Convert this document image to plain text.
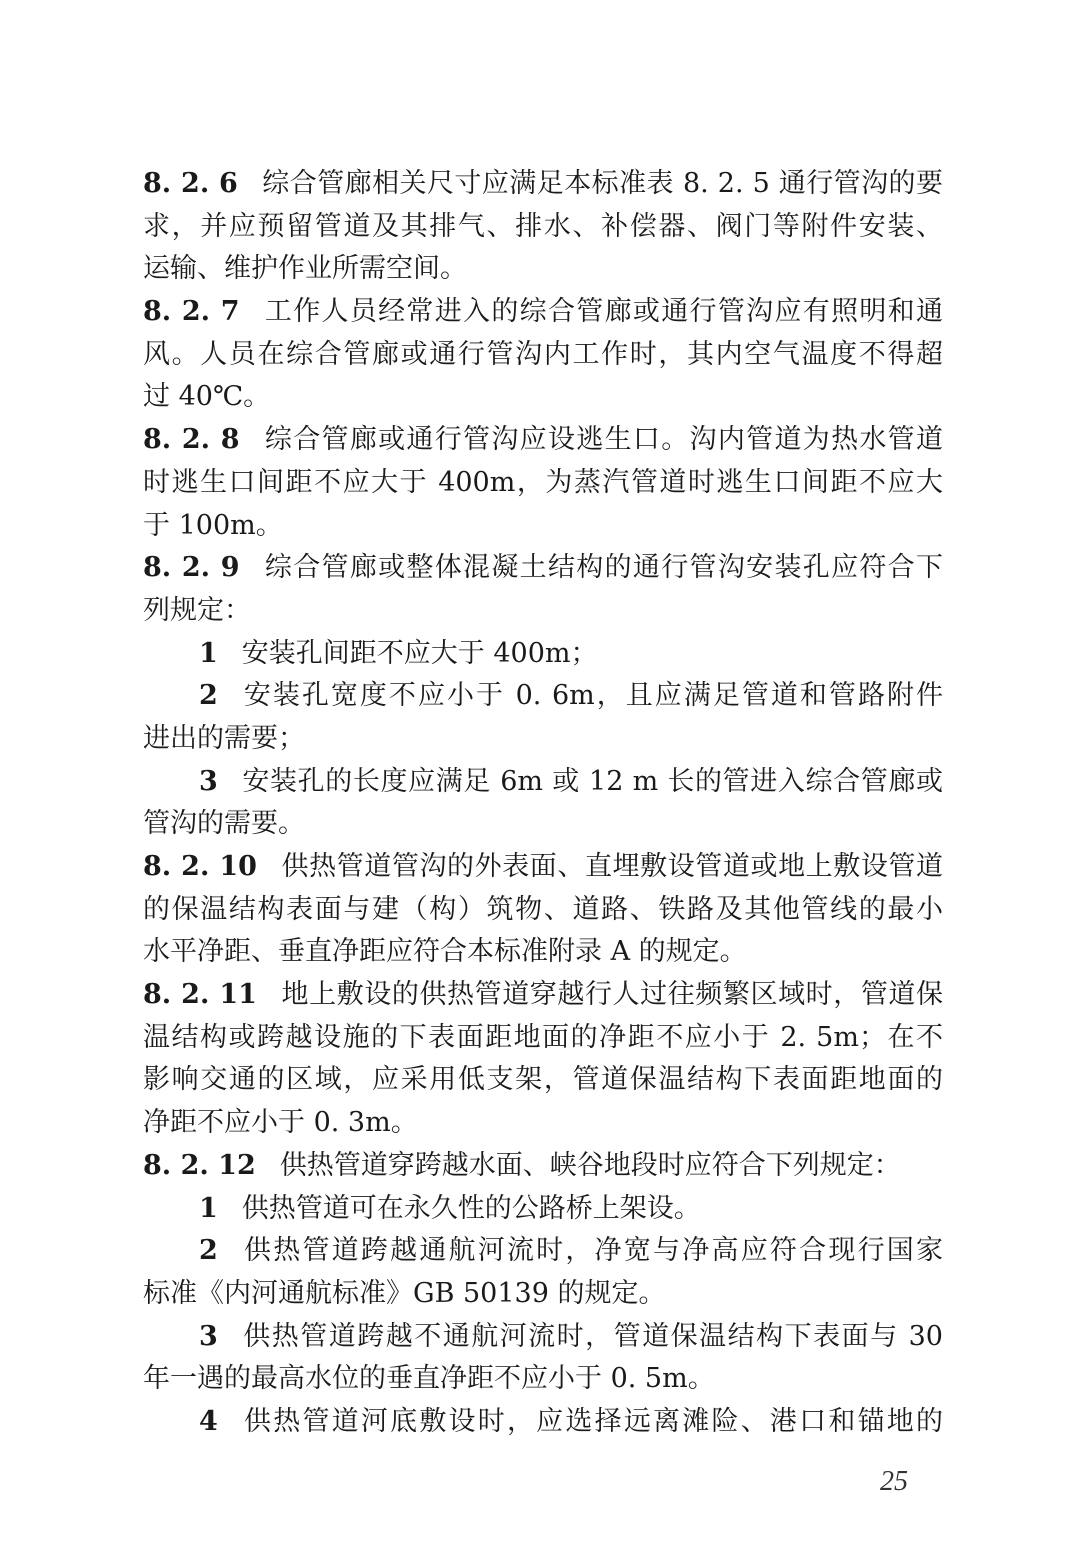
8. 2. 6 综合管廊相关尺寸应满足本标准表 8. 2. 5 通行管沟的要
求，并应预留管道及其排气、排水、补偿器、阀门等附件安装、
运输、维护作业所需空间。
8. 2. 7 工作人员经常进入的综合管廊或通行管沟应有照明和通
风。人员在综合管廊或通行管沟内工作时，其内空气温度不得超
过 40℃。
8. 2. 8 综合管廊或通行管沟应设逃生口。沟内管道为热水管道
时逃生口间距不应大于 400m，为蒸汽管道时逃生口间距不应大
于 100m。
8. 2. 9 综合管廊或整体混凝土结构的通行管沟安装孔应符合下
列规定：
1 安装孔间距不应大于 400m；
2 安装孔宽度不应小于 0. 6m，且应满足管道和管路附件
进出的需要；
3 安装孔的长度应满足 6m 或 12 m 长的管进入综合管廊或
管沟的需要。
8. 2. 10 供热管道管沟的外表面、直埋敷设管道或地上敷设管道
的保温结构表面与建（构）筑物、道路、铁路及其他管线的最小
水平净距、垂直净距应符合本标准附录 A 的规定。
8. 2. 11 地上敷设的供热管道穿越行人过往频繁区域时，管道保
温结构或跨越设施的下表面距地面的净距不应小于 2. 5m；在不
影响交通的区域，应采用低支架，管道保温结构下表面距地面的
净距不应小于 0. 3m。
8. 2. 12 供热管道穿跨越水面、峡谷地段时应符合下列规定：
1 供热管道可在永久性的公路桥上架设。
2 供热管道跨越通航河流时，净宽与净高应符合现行国家
标准《内河通航标准》GB 50139 的规定。
3 供热管道跨越不通航河流时，管道保温结构下表面与 30
年一遇的最高水位的垂直净距不应小于 0. 5m。
4 供热管道河底敷设时，应选择远离滩险、港口和锚地的
25
